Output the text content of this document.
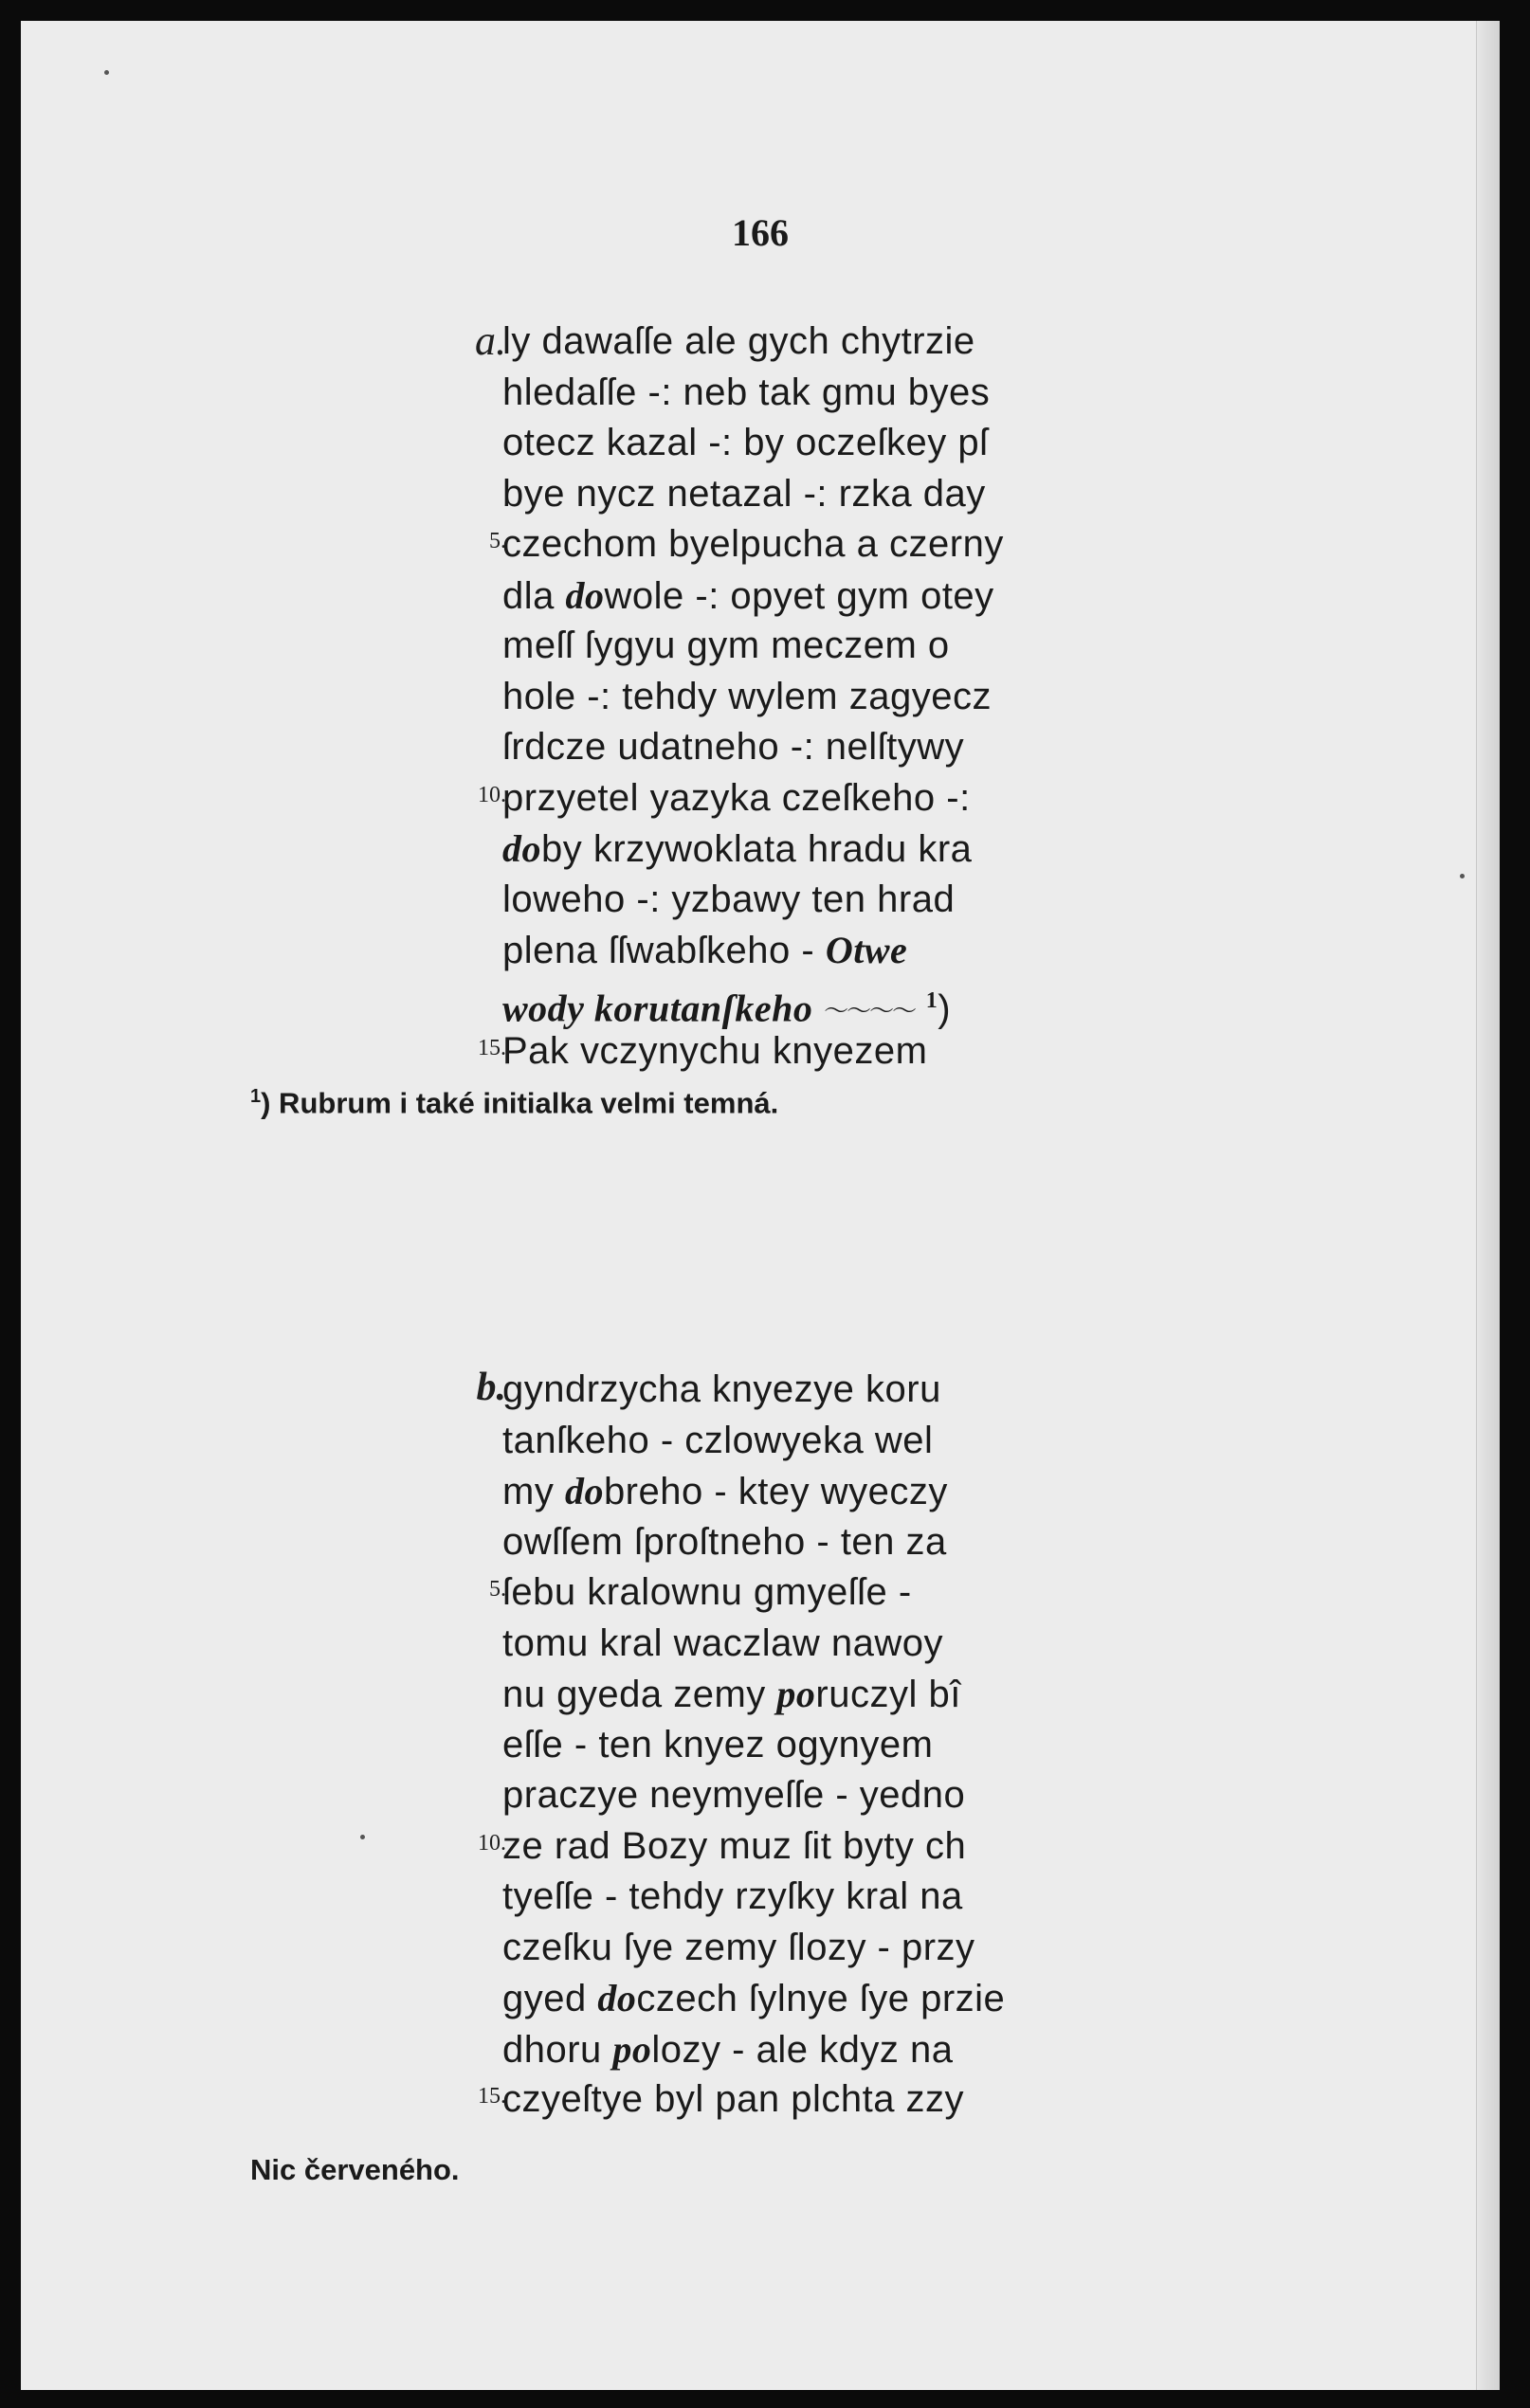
166
a.
ly dawaſſe ale gych chytrzie
hledaſſe -: neb tak gmu byes
otecz kazal -: by oczeſkey pſ
bye nycz netazal -: rzka day
5.
czechom byelpucha a czerny
dla dowole -: opyet gym otey
meſſ ſygyu gym meczem o
hole -: tehdy wylem zagyecz
ſrdcze udatneho -: nelſtywy
10.
przyetel yazyka czeſkeho -:
doby krzywoklata hradu kra
loweho -: yzbawy ten hrad
plena ſſwabſkeho - Otwe
wody korutanſkeho 〜〜〜〜 $^1$)
15.
Pak vczynychu knyezem
$^1$) Rubrum i také initialka velmi temná.
b.
gyndrzycha knyezye koru
tanſkeho - czlowyeka wel
my dobreho - ktey wyeczy
owſſem ſproſtneho - ten za
5.
ſebu kralownu gmyeſſe -
tomu kral waczlaw nawoy
nu gyeda zemy poruczyl bî
eſſe - ten knyez ogynyem
praczye neymyeſſe - yedno
10.
ze rad Bozy muz ſit byty ch
tyeſſe - tehdy rzyſky kral na
czeſku ſye zemy ſlozy - przy
gyed doczech ſylnye ſye przie
dhoru polozy - ale kdyz na
15.
czyeſtye byl pan plchta zzy
Nic červeného.
